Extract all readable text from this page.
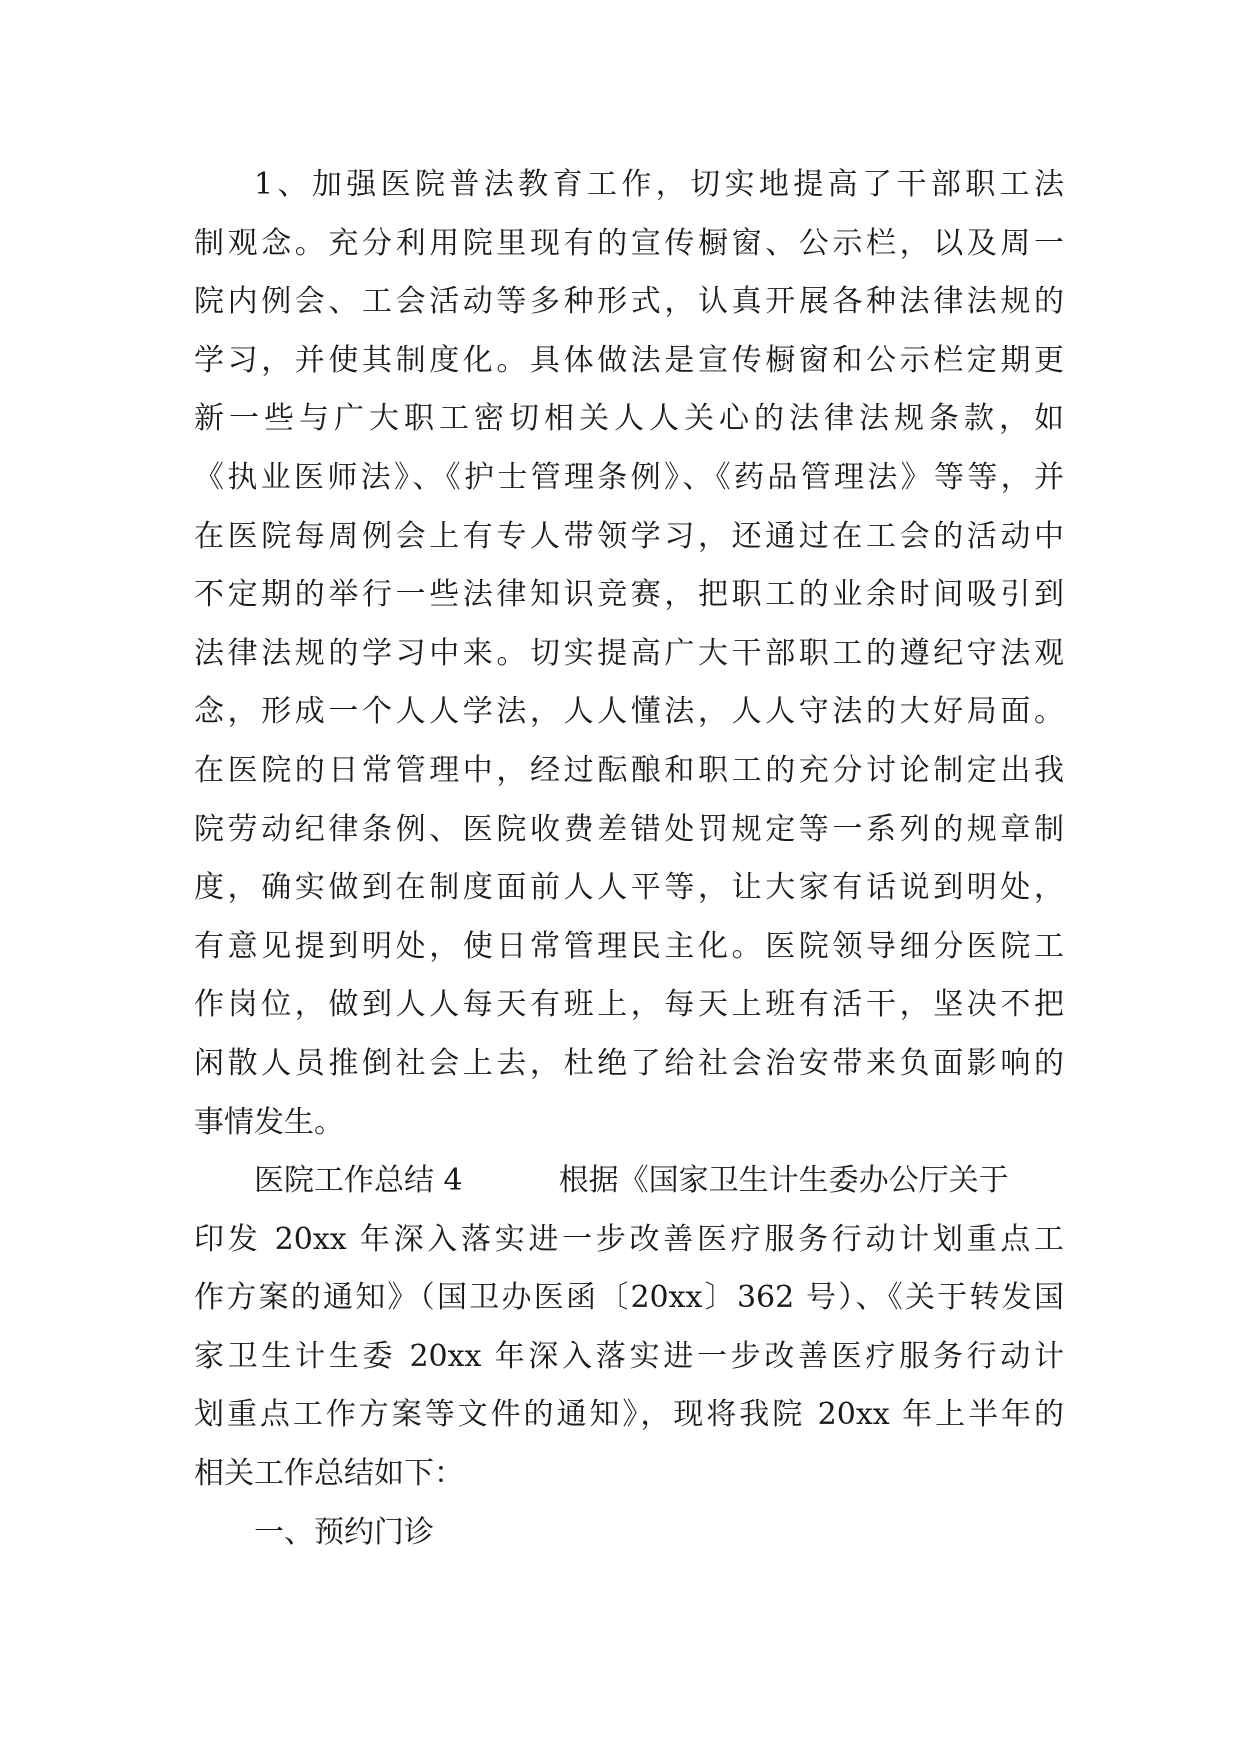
1、加强医院普法教育工作，切实地提高了干部职工法
制观念。充分利用院里现有的宣传橱窗、公示栏，以及周一
院内例会、工会活动等多种形式，认真开展各种法律法规的
学习，并使其制度化。具体做法是宣传橱窗和公示栏定期更
新一些与广大职工密切相关人人关心的法律法规条款，如
《执业医师法》、《护士管理条例》、《药品管理法》等等，并
在医院每周例会上有专人带领学习，还通过在工会的活动中
不定期的举行一些法律知识竞赛，把职工的业余时间吸引到
法律法规的学习中来。切实提高广大干部职工的遵纪守法观
念，形成一个人人学法，人人懂法，人人守法的大好局面。
在医院的日常管理中，经过酝酿和职工的充分讨论制定出我
院劳动纪律条例、医院收费差错处罚规定等一系列的规章制
度，确实做到在制度面前人人平等，让大家有话说到明处，
有意见提到明处，使日常管理民主化。医院领导细分医院工
作岗位，做到人人每天有班上，每天上班有活干，坚决不把
闲散人员推倒社会上去，杜绝了给社会治安带来负面影响的
事情发生。
医院工作总结 4	根据《国家卫生计生委办公厅关于
印发 20xx 年深入落实进一步改善医疗服务行动计划重点工
作方案的通知》（国卫办医函〔20xx〕362 号）、《关于转发国
家卫生计生委 20xx 年深入落实进一步改善医疗服务行动计
划重点工作方案等文件的通知》，现将我院 20xx 年上半年的
相关工作总结如下：
一、预约门诊
